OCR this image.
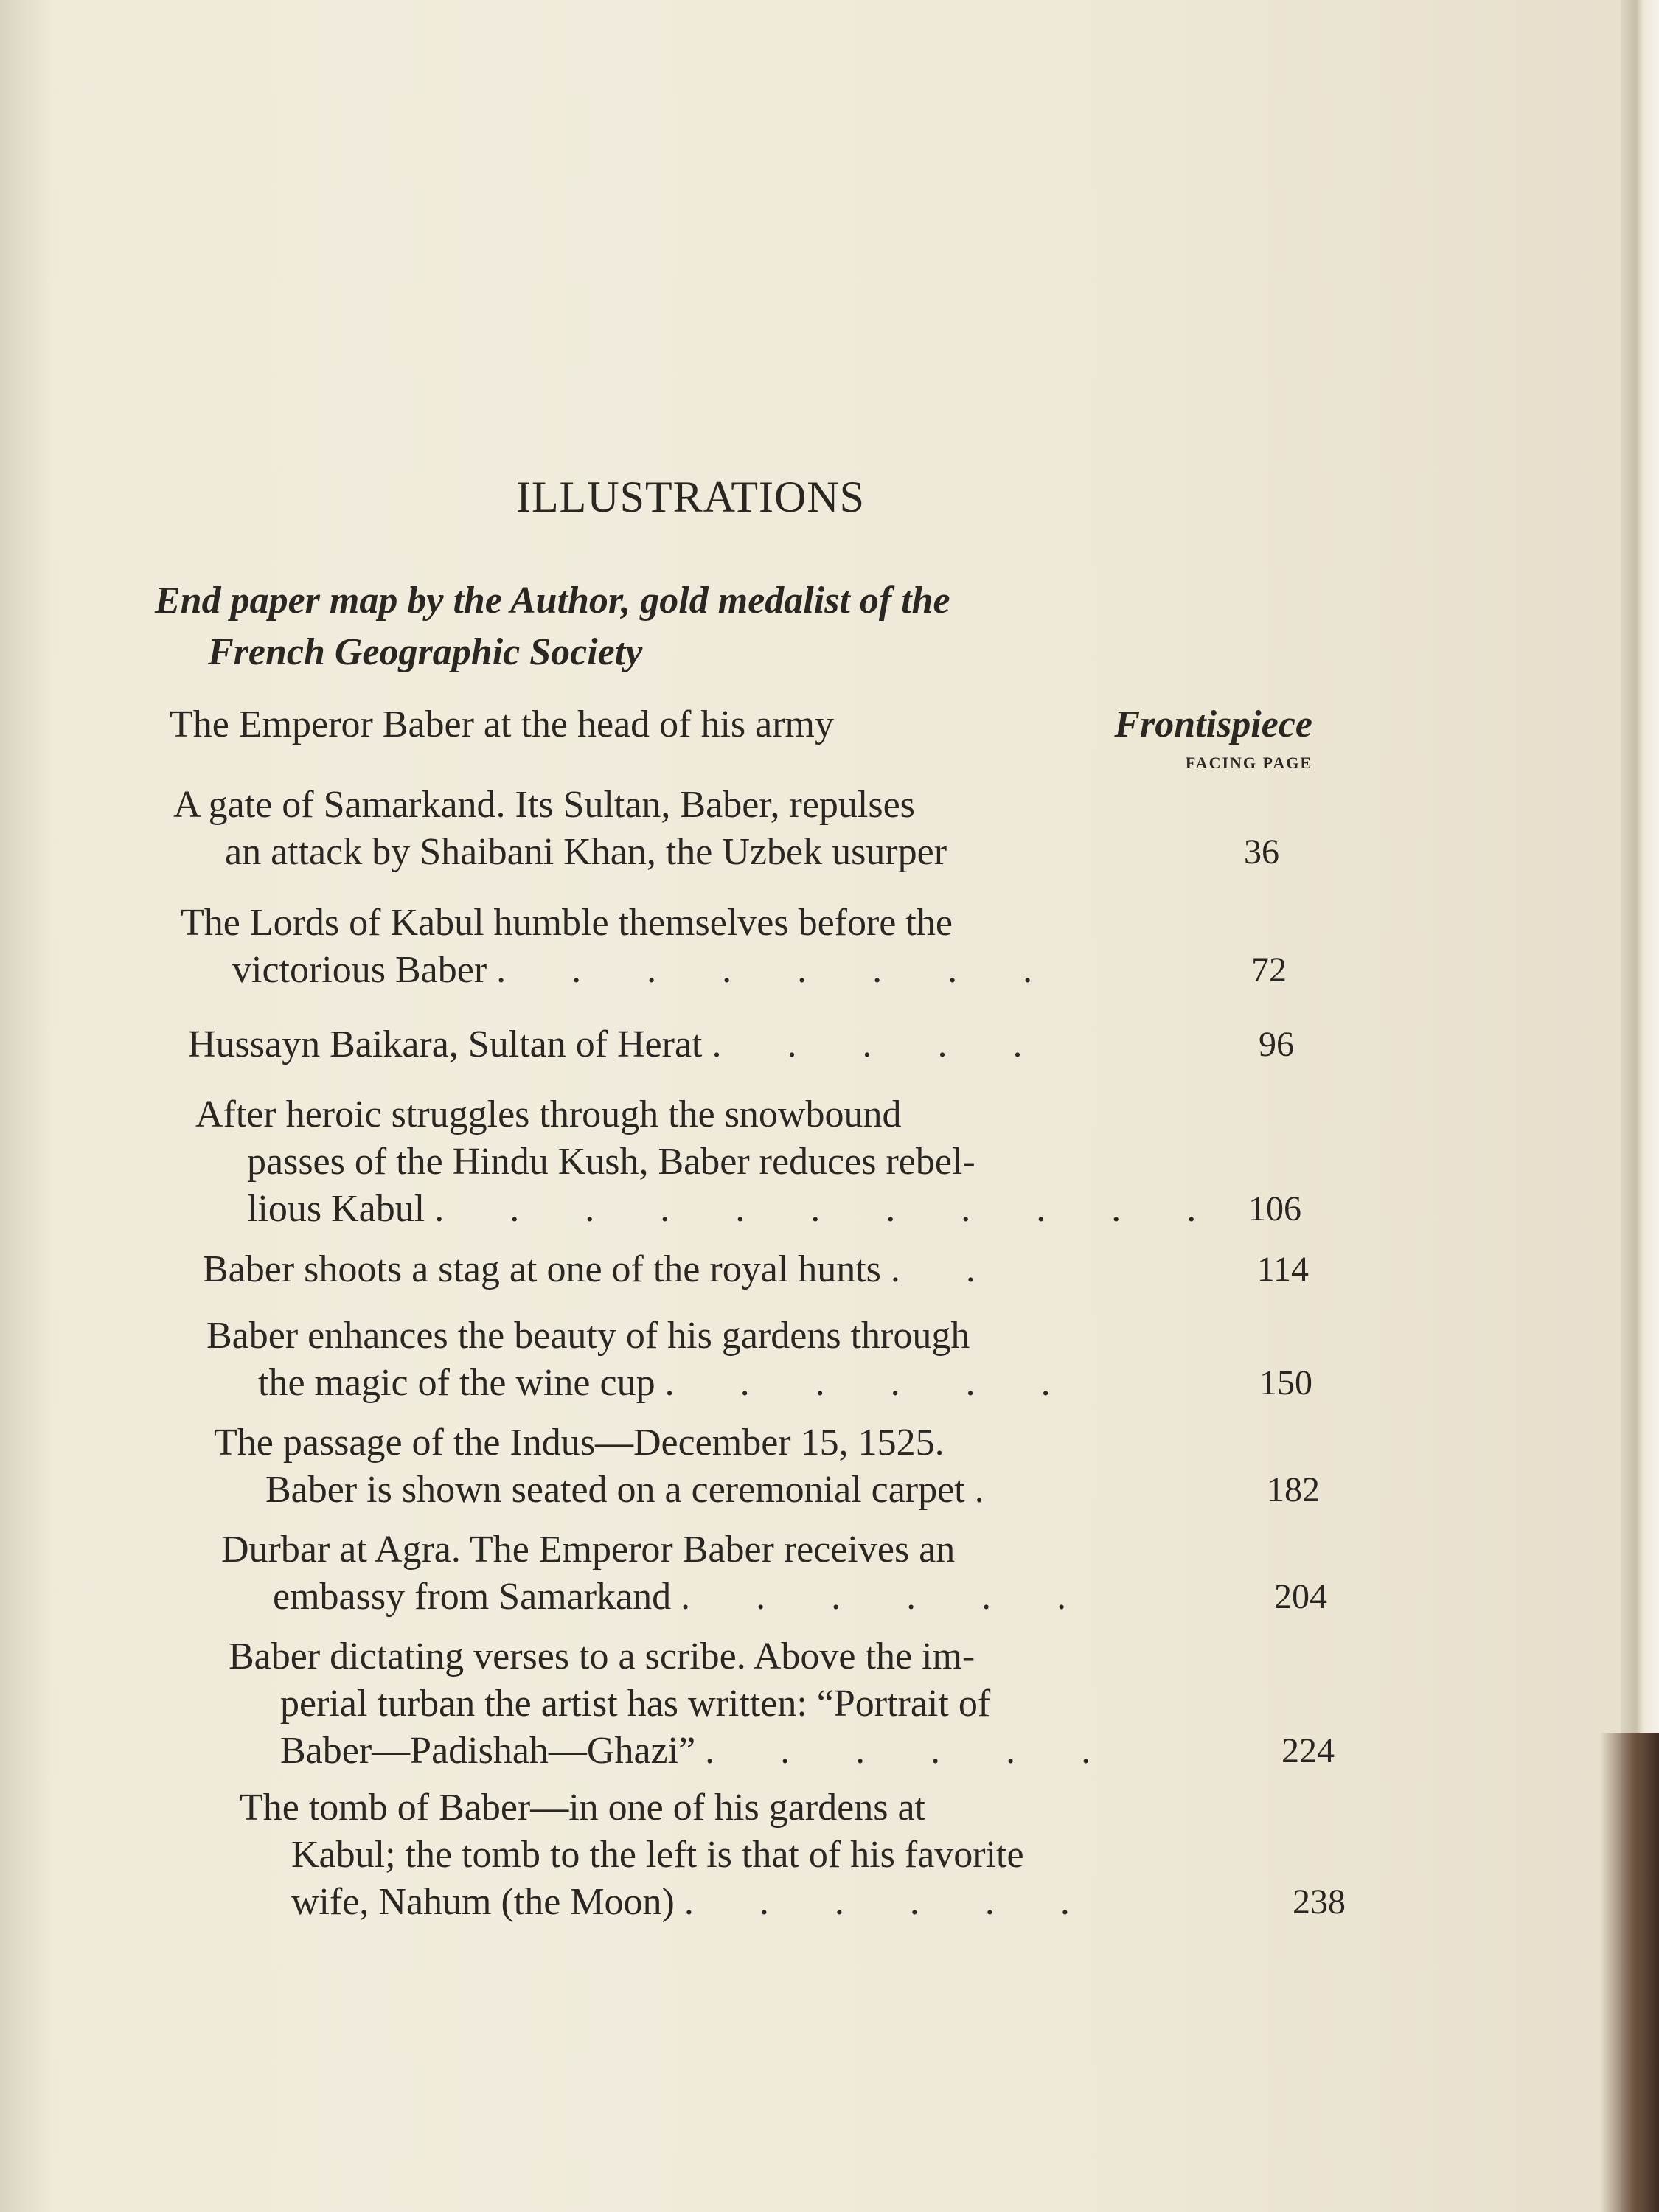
ILLUSTRATIONS
End paper map by the Author, gold medalist of the
French Geographic Society
The Emperor Baber at the head of his army	Frontispiece
FACING PAGE
A gate of Samarkand. Its Sultan, Baber, repulses
an attack by Shaibani Khan, the Uzbek usurper	36
The Lords of Kabul humble themselves before the
victorious Baber . . . . . . . .	72
Hussayn Baikara, Sultan of Herat . . . . .	96
After heroic struggles through the snowbound
passes of the Hindu Kush, Baber reduces rebel-
lious Kabul . . . . . . . . . . . 106
Baber shoots a stag at one of the royal hunts . .	114
Baber enhances the beauty of his gardens through
the magic of the wine cup . . . . . .	150
The passage of the Indus—December 15, 1525.
Baber is shown seated on a ceremonial carpet .	182
Durbar at Agra. The Emperor Baber receives an
embassy from Samarkand . . . . . .	204
Baber dictating verses to a scribe. Above the im-
perial turban the artist has written: “Portrait of
Baber—Padishah—Ghazi” . . . . . .	224
The tomb of Baber—in one of his gardens at
Kabul; the tomb to the left is that of his favorite
wife, Nahum (the Moon) . . . . . .	238
